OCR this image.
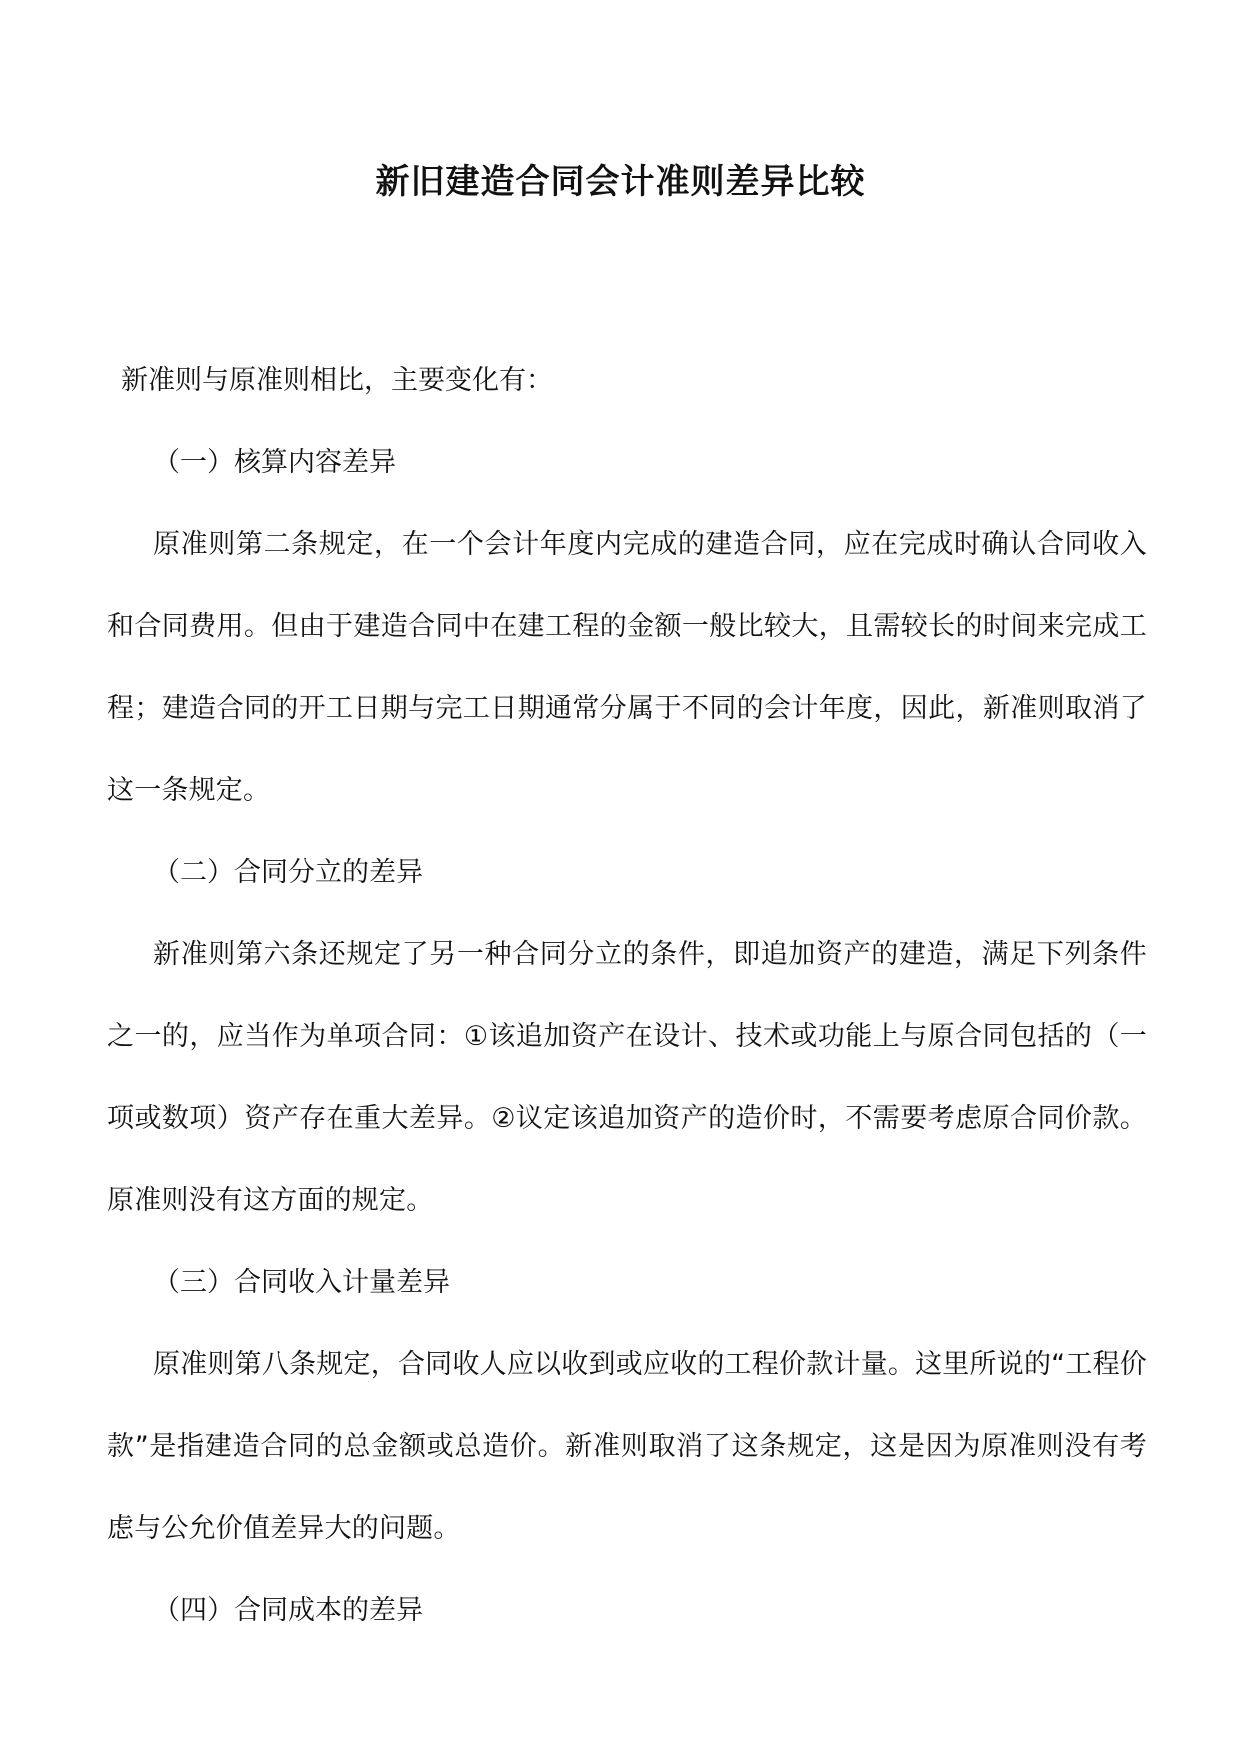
新旧建造合同会计准则差异比较

新准则与原准则相比，主要变化有：

（一）核算内容差异

原准则第二条规定，在一个会计年度内完成的建造合同，应在完成时确认合同收入和合同费用。但由于建造合同中在建工程的金额一般比较大，且需较长的时间来完成工程；建造合同的开工日期与完工日期通常分属于不同的会计年度，因此，新准则取消了这一条规定。

（二）合同分立的差异

新准则第六条还规定了另一种合同分立的条件，即追加资产的建造，满足下列条件之一的，应当作为单项合同：①该追加资产在设计、技术或功能上与原合同包括的（一项或数项）资产存在重大差异。②议定该追加资产的造价时，不需要考虑原合同价款。原准则没有这方面的规定。

（三）合同收入计量差异

原准则第八条规定，合同收人应以收到或应收的工程价款计量。这里所说的“工程价款”是指建造合同的总金额或总造价。新准则取消了这条规定，这是因为原准则没有考虑与公允价值差异大的问题。

（四）合同成本的差异
